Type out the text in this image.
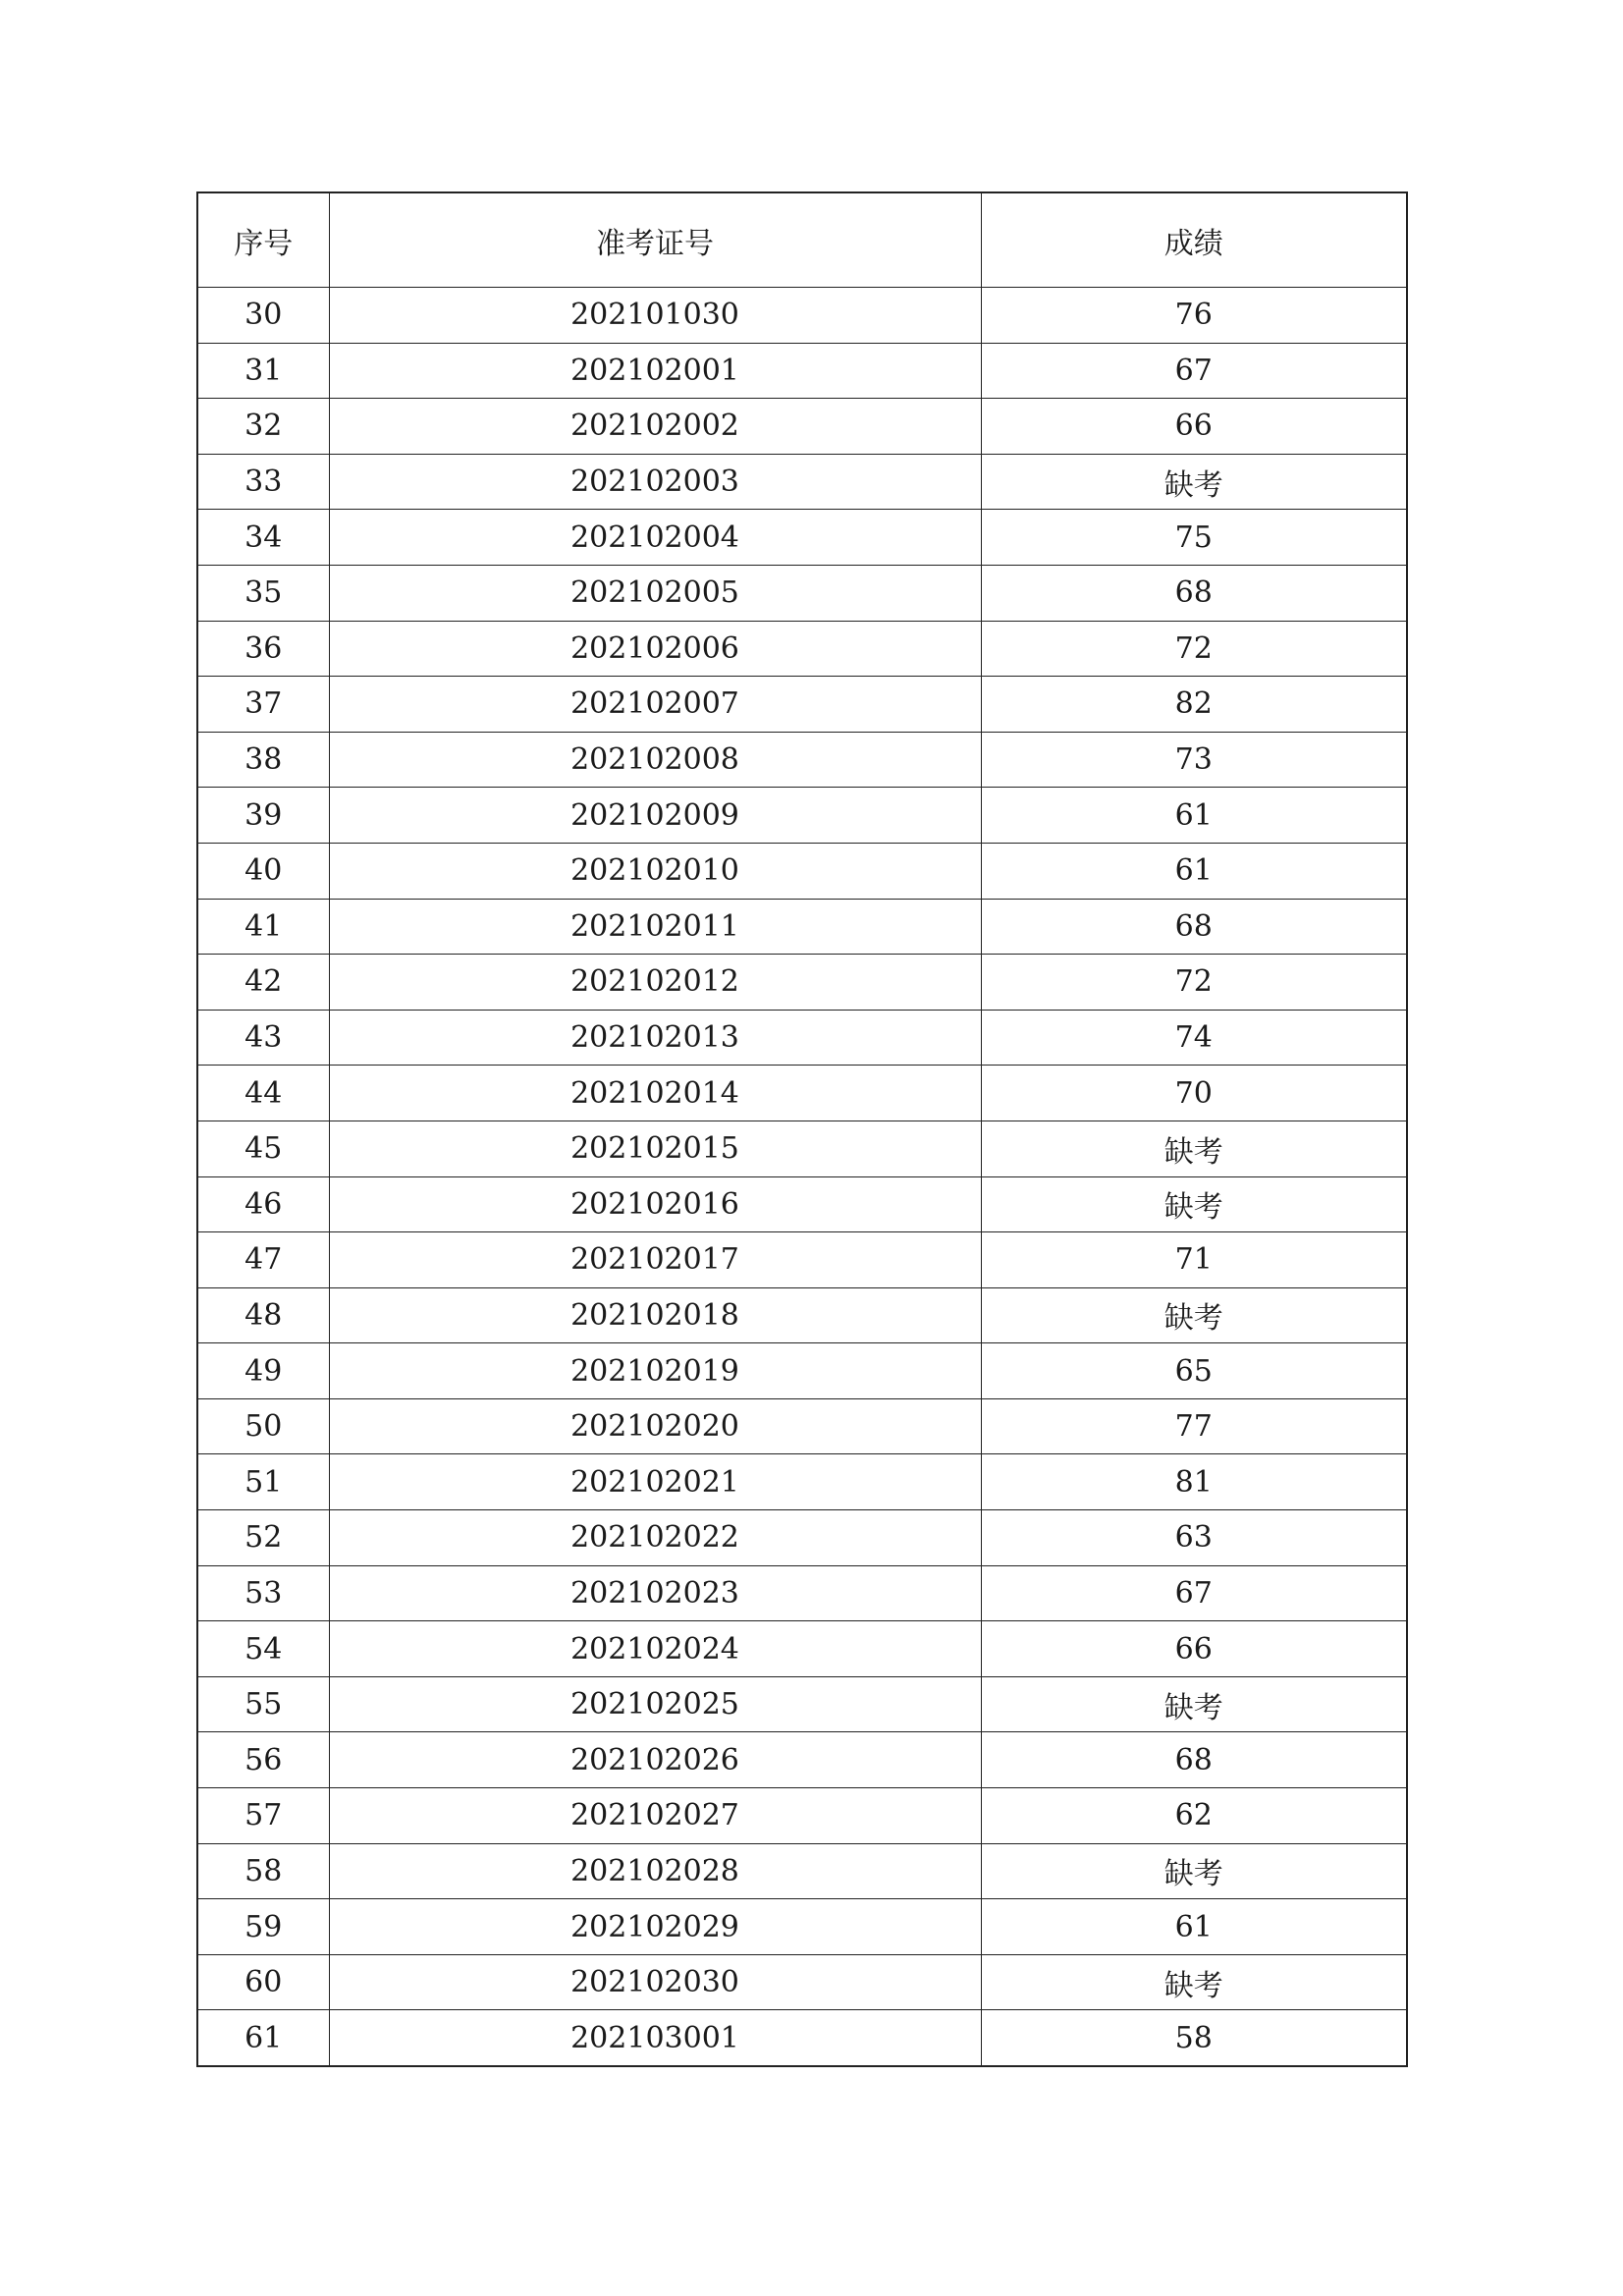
序号	准考证号	成绩
30	202101030	76
31	202102001	67
32	202102002	66
33	202102003	缺考
34	202102004	75
35	202102005	68
36	202102006	72
37	202102007	82
38	202102008	73
39	202102009	61
40	202102010	61
41	202102011	68
42	202102012	72
43	202102013	74
44	202102014	70
45	202102015	缺考
46	202102016	缺考
47	202102017	71
48	202102018	缺考
49	202102019	65
50	202102020	77
51	202102021	81
52	202102022	63
53	202102023	67
54	202102024	66
55	202102025	缺考
56	202102026	68
57	202102027	62
58	202102028	缺考
59	202102029	61
60	202102030	缺考
61	202103001	58
